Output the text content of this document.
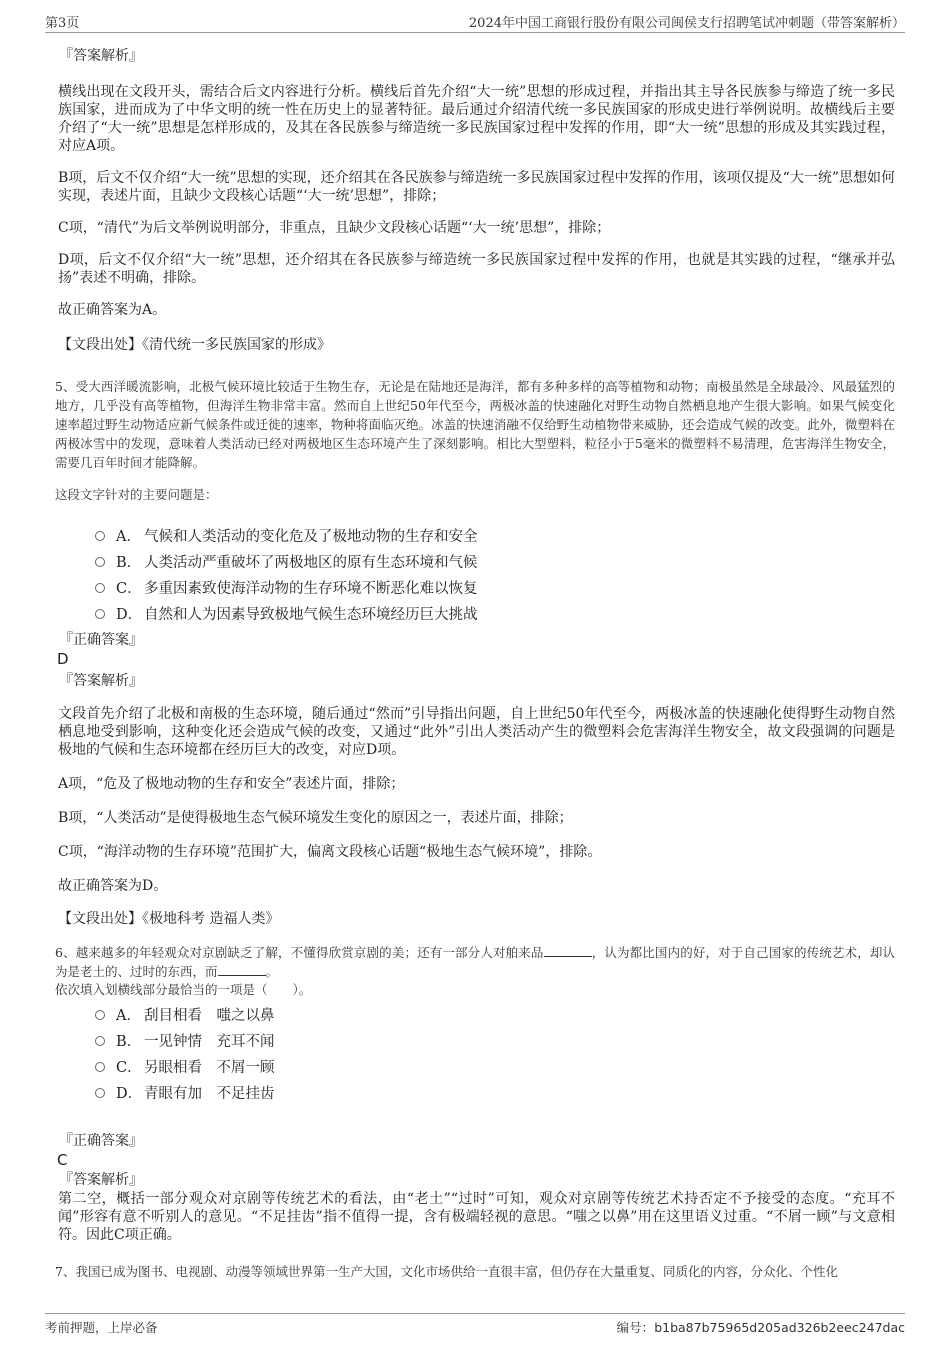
第3页	2024年中国工商银行股份有限公司闽侯支行招聘笔试冲刺题（带答案解析）
『答案解析』

横线出现在文段开头，需结合后文内容进行分析。横线后首先介绍“大一统”思想的形成过程，并指出其主导各民族参与缔造了统一多民族国家，进而成为了中华文明的统一性在历史上的显著特征。最后通过介绍清代统一多民族国家的形成史进行举例说明。故横线后主要介绍了“大一统”思想是怎样形成的，及其在各民族参与缔造统一多民族国家过程中发挥的作用，即“大一统”思想的形成及其实践过程，对应A项。

B项，后文不仅介绍“大一统”思想的实现，还介绍其在各民族参与缔造统一多民族国家过程中发挥的作用，该项仅提及“大一统”思想如何实现，表述片面，且缺少文段核心话题“‘大一统’思想”，排除；

C项，“清代”为后文举例说明部分，非重点，且缺少文段核心话题“‘大一统’思想”，排除；

D项，后文不仅介绍“大一统”思想，还介绍其在各民族参与缔造统一多民族国家过程中发挥的作用，也就是其实践的过程，“继承并弘扬”表述不明确，排除。

故正确答案为A。

【文段出处】《清代统一多民族国家的形成》

5、受大西洋暖流影响，北极气候环境比较适于生物生存，无论是在陆地还是海洋，都有多种多样的高等植物和动物；南极虽然是全球最冷、风最猛烈的地方，几乎没有高等植物，但海洋生物非常丰富。然而自上世纪50年代至今，两极冰盖的快速融化对野生动物自然栖息地产生很大影响。如果气候变化速率超过野生动物适应新气候条件或迁徙的速率，物种将面临灭绝。冰盖的快速消融不仅给野生动植物带来威胁，还会造成气候的改变。此外，微塑料在两极冰雪中的发现，意味着人类活动已经对两极地区生态环境产生了深刻影响。相比大型塑料，粒径小于5毫米的微塑料不易清理，危害海洋生物安全，需要几百年时间才能降解。

这段文字针对的主要问题是：
A． 气候和人类活动的变化危及了极地动物的生存和安全
B． 人类活动严重破坏了两极地区的原有生态环境和气候
C． 多重因素致使海洋动物的生存环境不断恶化难以恢复
D． 自然和人为因素导致极地气候生态环境经历巨大挑战
『正确答案』
D
『答案解析』

文段首先介绍了北极和南极的生态环境，随后通过“然而”引导指出问题，自上世纪50年代至今，两极冰盖的快速融化使得野生动物自然栖息地受到影响，这种变化还会造成气候的改变，又通过“此外”引出人类活动产生的微塑料会危害海洋生物安全，故文段强调的问题是极地的气候和生态环境都在经历巨大的改变，对应D项。

A项，“危及了极地动物的生存和安全”表述片面，排除；

B项，“人类活动”是使得极地生态气候环境发生变化的原因之一，表述片面，排除；

C项，“海洋动物的生存环境”范围扩大，偏离文段核心话题“极地生态气候环境”，排除。

故正确答案为D。

【文段出处】《极地科考 造福人类》

6、越来越多的年轻观众对京剧缺乏了解，不懂得欣赏京剧的美；还有一部分人对舶来品	，认为都比国内的好，对于自己国家的传统艺术，却认为是老土的、过时的东西，而	。

依次填入划横线部分最恰当的一项是（　　）。
A． 刮目相看　嗤之以鼻
B． 一见钟情　充耳不闻
C． 另眼相看　不屑一顾
D． 青眼有加　不足挂齿
『正确答案』
C
『答案解析』

第二空，概括一部分观众对京剧等传统艺术的看法，由“老土”“过时”可知，观众对京剧等传统艺术持否定不予接受的态度。“充耳不闻”形容有意不听别人的意见。“不足挂齿”指不值得一提，含有极端轻视的意思。“嗤之以鼻”用在这里语义过重。“不屑一顾”与文意相符。因此C项正确。

7、我国已成为图书、电视剧、动漫等领域世界第一生产大国，文化市场供给一直很丰富，但仍存在大量重复、同质化的内容，分众化、个性化

考前押题，上岸必备	编号：b1ba87b75965d205ad326b2eec247dac
